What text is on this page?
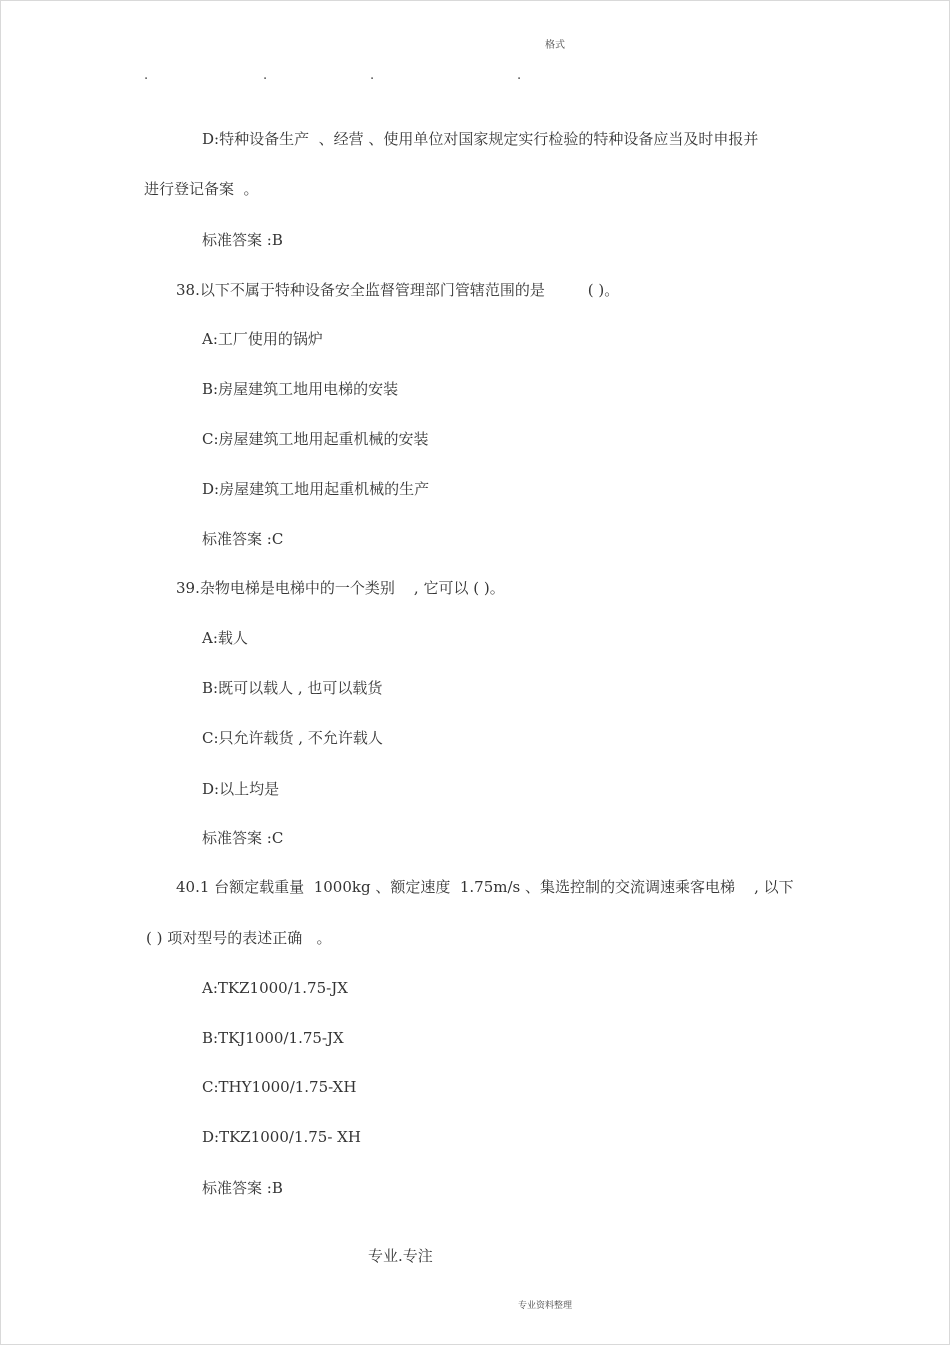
格式
.	.	.	.
D:特种设备生产  、经营 、使用单位对国家规定实行检验的特种设备应当及时申报并
进行登记备案  。
标准答案 :B
38.以下不属于特种设备安全监督管理部门管辖范围的是         ( )。
A:工厂使用的锅炉
B:房屋建筑工地用电梯的安装
C:房屋建筑工地用起重机械的安装
D:房屋建筑工地用起重机械的生产
标准答案 :C
39.杂物电梯是电梯中的一个类别    , 它可以 ( )。
A:载人
B:既可以载人 , 也可以载货
C:只允许载货 , 不允许载人
D:以上均是
标准答案 :C
40.1 台额定载重量  1000kg 、额定速度  1.75m/s 、集选控制的交流调速乘客电梯    , 以下
( ) 项对型号的表述正确   。
A:TKZ1000/1.75-JX
B:TKJ1000/1.75-JX
C:THY1000/1.75-XH
D:TKZ1000/1.75- XH
标准答案 :B
专业.专注
专业资料整理
